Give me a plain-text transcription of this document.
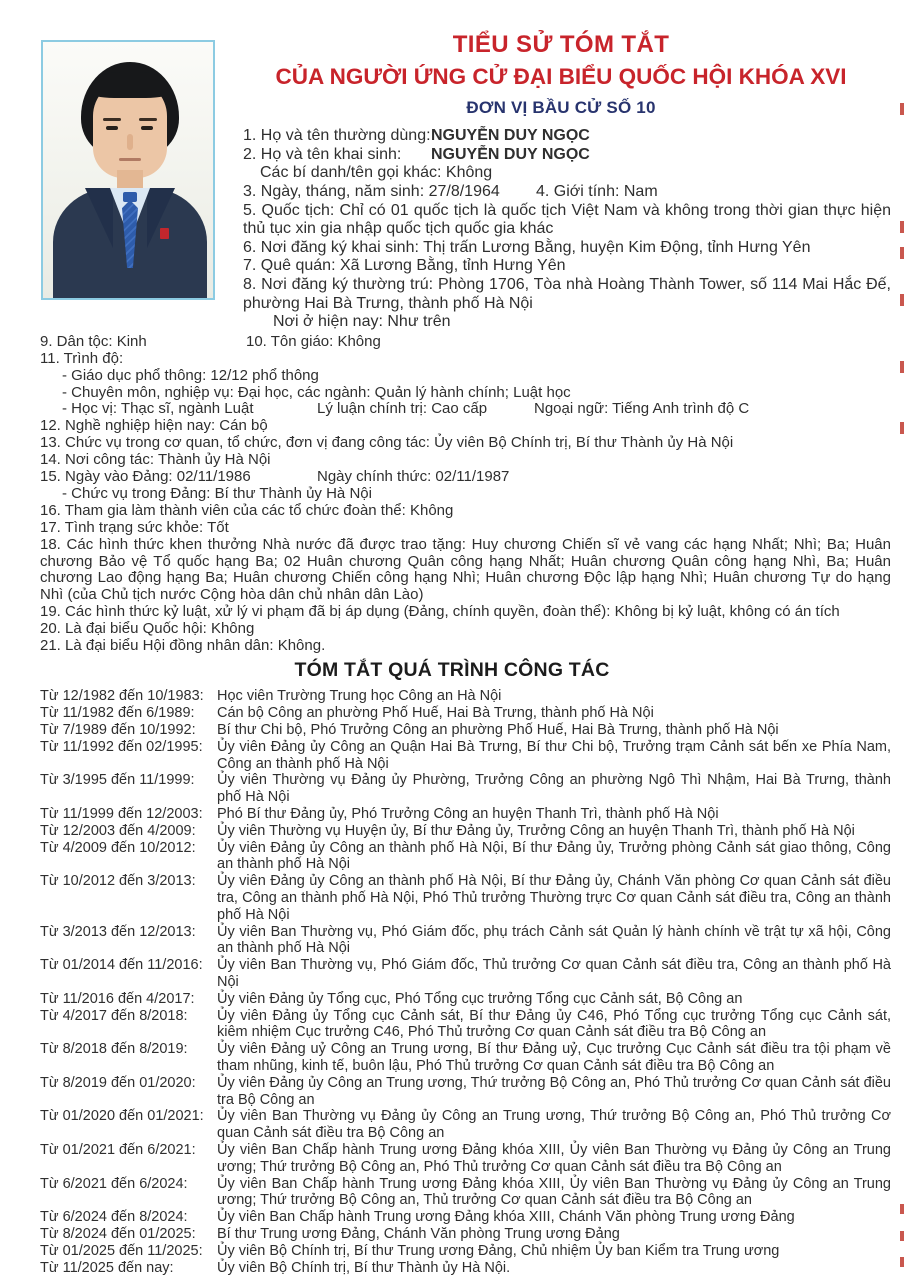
TIỂU SỬ TÓM TẮT
CỦA NGƯỜI ỨNG CỬ ĐẠI BIỂU QUỐC HỘI KHÓA XVI
ĐƠN VỊ BẦU CỬ SỐ 10
1. Họ và tên thường dùng:NGUYỄN DUY NGỌC
2. Họ và tên khai sinh:NGUYỄN DUY NGỌC
Các bí danh/tên gọi khác: Không
3. Ngày, tháng, năm sinh: 27/8/1964 4. Giới tính: Nam
5. Quốc tịch: Chỉ có 01 quốc tịch là quốc tịch Việt Nam và không trong thời gian thực hiện thủ tục xin gia nhập quốc tịch quốc gia khác
6. Nơi đăng ký khai sinh: Thị trấn Lương Bằng, huyện Kim Động, tỉnh Hưng Yên
7. Quê quán: Xã Lương Bằng, tỉnh Hưng Yên
8. Nơi đăng ký thường trú: Phòng 1706, Tòa nhà Hoàng Thành Tower, số 114 Mai Hắc Đế, phường Hai Bà Trưng, thành phố Hà Nội
Nơi ở hiện nay: Như trên
9. Dân tộc: Kinh	10. Tôn giáo: Không
11. Trình độ:
- Giáo dục phổ thông: 12/12 phổ thông
- Chuyên môn, nghiệp vụ: Đại học, các ngành: Quản lý hành chính; Luật học
- Học vị: Thạc sĩ, ngành Luật	Lý luận chính trị: Cao cấp	Ngoại ngữ: Tiếng Anh trình độ C
12. Nghề nghiệp hiện nay: Cán bộ
13. Chức vụ trong cơ quan, tổ chức, đơn vị đang công tác: Ủy viên Bộ Chính trị, Bí thư Thành ủy Hà Nội
14. Nơi công tác: Thành ủy Hà Nội
15. Ngày vào Đảng: 02/11/1986	Ngày chính thức: 02/11/1987
- Chức vụ trong Đảng: Bí thư Thành ủy Hà Nội
16. Tham gia làm thành viên của các tổ chức đoàn thể: Không
17. Tình trạng sức khỏe: Tốt
18. Các hình thức khen thưởng Nhà nước đã được trao tặng: Huy chương Chiến sĩ vẻ vang các hạng Nhất; Nhì; Ba; Huân chương Bảo vệ Tổ quốc hạng Ba; 02 Huân chương Quân công hạng Nhất; Huân chương Quân công hạng Nhì, Ba; Huân chương Lao động hạng Ba; Huân chương Chiến công hạng Nhì; Huân chương Độc lập hạng Nhì; Huân chương Tự do hạng Nhì (của Chủ tịch nước Cộng hòa dân chủ nhân dân Lào)
19. Các hình thức kỷ luật, xử lý vi phạm đã bị áp dụng (Đảng, chính quyền, đoàn thể): Không bị kỷ luật, không có án tích
20. Là đại biểu Quốc hội: Không
21. Là đại biểu Hội đồng nhân dân: Không.
TÓM TẮT QUÁ TRÌNH CÔNG TÁC
Từ 12/1982 đến 10/1983: Học viên Trường Trung học Công an Hà Nội
Từ 11/1982 đến 6/1989:	Cán bộ Công an phường Phố Huế, Hai Bà Trưng, thành phố Hà Nội
Từ 7/1989 đến 10/1992:	Bí thư Chi bộ, Phó Trưởng Công an phường Phố Huế, Hai Bà Trưng, thành phố Hà Nội
Từ 11/1992 đến 02/1995: Ủy viên Đảng ủy Công an Quận Hai Bà Trưng, Bí thư Chi bộ, Trưởng trạm Cảnh sát bến xe Phía Nam, Công an thành phố Hà Nội
Từ 3/1995 đến 11/1999:	Ủy viên Thường vụ Đảng ủy Phường, Trưởng Công an phường Ngô Thì Nhậm, Hai Bà Trưng, thành phố Hà Nội
Từ 11/1999 đến 12/2003: Phó Bí thư Đảng ủy, Phó Trưởng Công an huyện Thanh Trì, thành phố Hà Nội
Từ 12/2003 đến 4/2009:	Ủy viên Thường vụ Huyện ủy, Bí thư Đảng ủy, Trưởng Công an huyện Thanh Trì, thành phố Hà Nội
Từ 4/2009 đến 10/2012:	Ủy viên Đảng ủy Công an thành phố Hà Nội, Bí thư Đảng ủy, Trưởng phòng Cảnh sát giao thông, Công an thành phố Hà Nội
Từ 10/2012 đến 3/2013:	Ủy viên Đảng ủy Công an thành phố Hà Nội, Bí thư Đảng ủy, Chánh Văn phòng Cơ quan Cảnh sát điều tra, Công an thành phố Hà Nội, Phó Thủ trưởng Thường trực Cơ quan Cảnh sát điều tra, Công an thành phố Hà Nội
Từ 3/2013 đến 12/2013:	Ủy viên Ban Thường vụ, Phó Giám đốc, phụ trách Cảnh sát Quản lý hành chính về trật tự xã hội, Công an thành phố Hà Nội
Từ 01/2014 đến 11/2016: Ủy viên Ban Thường vụ, Phó Giám đốc, Thủ trưởng Cơ quan Cảnh sát điều tra, Công an thành phố Hà Nội
Từ 11/2016 đến 4/2017:	Ủy viên Đảng ủy Tổng cục, Phó Tổng cục trưởng Tổng cục Cảnh sát, Bộ Công an
Từ 4/2017 đến 8/2018:	Ủy viên Đảng ủy Tổng cục Cảnh sát, Bí thư Đảng ủy C46, Phó Tổng cục trưởng Tổng cục Cảnh sát, kiêm nhiệm Cục trưởng C46, Phó Thủ trưởng Cơ quan Cảnh sát điều tra Bộ Công an
Từ 8/2018 đến 8/2019:	Ủy viên Đảng uỷ Công an Trung ương, Bí thư Đảng uỷ, Cục trưởng Cục Cảnh sát điều tra tội phạm về tham nhũng, kinh tế, buôn lậu, Phó Thủ trưởng Cơ quan Cảnh sát điều tra Bộ Công an
Từ 8/2019 đến 01/2020:	Ủy viên Đảng ủy Công an Trung ương, Thứ trưởng Bộ Công an, Phó Thủ trưởng Cơ quan Cảnh sát điều tra Bộ Công an
Từ 01/2020 đến 01/2021: Ủy viên Ban Thường vụ Đảng ủy Công an Trung ương, Thứ trưởng Bộ Công an, Phó Thủ trưởng Cơ quan Cảnh sát điều tra Bộ Công an
Từ 01/2021 đến 6/2021:	Ủy viên Ban Chấp hành Trung ương Đảng khóa XIII, Ủy viên Ban Thường vụ Đảng ủy Công an Trung ương; Thứ trưởng Bộ Công an, Phó Thủ trưởng Cơ quan Cảnh sát điều tra Bộ Công an
Từ 6/2021 đến 6/2024:	Ủy viên Ban Chấp hành Trung ương Đảng khóa XIII, Ủy viên Ban Thường vụ Đảng ủy Công an Trung ương; Thứ trưởng Bộ Công an, Thủ trưởng Cơ quan Cảnh sát điều tra Bộ Công an
Từ 6/2024 đến 8/2024:	Ủy viên Ban Chấp hành Trung ương Đảng khóa XIII, Chánh Văn phòng Trung ương Đảng
Từ 8/2024 đến 01/2025:	Bí thư Trung ương Đảng, Chánh Văn phòng Trung ương Đảng
Từ 01/2025 đến 11/2025: Ủy viên Bộ Chính trị, Bí thư Trung ương Đảng, Chủ nhiệm Ủy ban Kiểm tra Trung ương
Từ 11/2025 đến nay:	Ủy viên Bộ Chính trị, Bí thư Thành ủy Hà Nội.
